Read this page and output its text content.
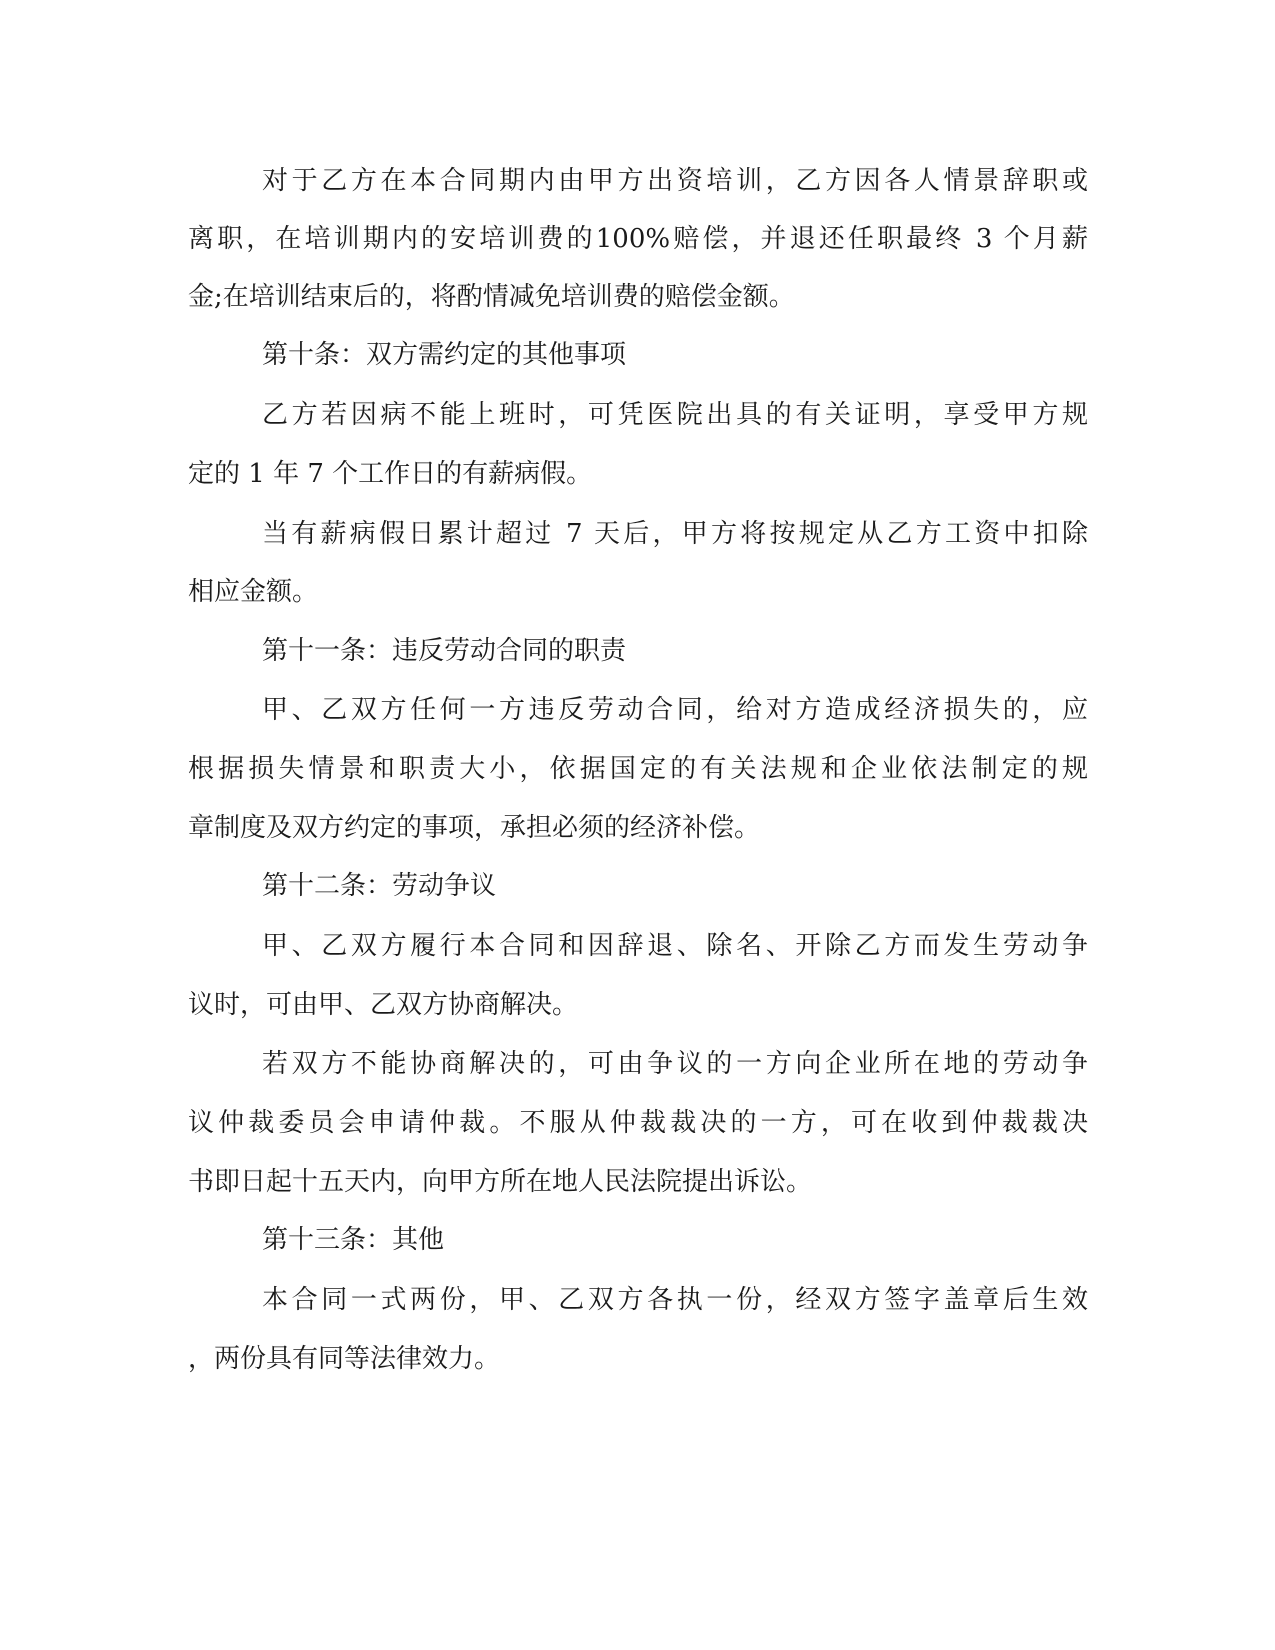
对于乙方在本合同期内由甲方出资培训，乙方因各人情景辞职或
离职，在培训期内的安培训费的100%赔偿，并退还任职最终 3 个月薪
金;在培训结束后的，将酌情减免培训费的赔偿金额。
第十条：双方需约定的其他事项
乙方若因病不能上班时，可凭医院出具的有关证明，享受甲方规
定的 1 年 7 个工作日的有薪病假。
当有薪病假日累计超过 7 天后，甲方将按规定从乙方工资中扣除
相应金额。
第十一条：违反劳动合同的职责
甲、乙双方任何一方违反劳动合同，给对方造成经济损失的，应
根据损失情景和职责大小，依据国定的有关法规和企业依法制定的规
章制度及双方约定的事项，承担必须的经济补偿。
第十二条：劳动争议
甲、乙双方履行本合同和因辞退、除名、开除乙方而发生劳动争
议时，可由甲、乙双方协商解决。
若双方不能协商解决的，可由争议的一方向企业所在地的劳动争
议仲裁委员会申请仲裁。不服从仲裁裁决的一方，可在收到仲裁裁决
书即日起十五天内，向甲方所在地人民法院提出诉讼。
第十三条：其他
本合同一式两份，甲、乙双方各执一份，经双方签字盖章后生效
，两份具有同等法律效力。
